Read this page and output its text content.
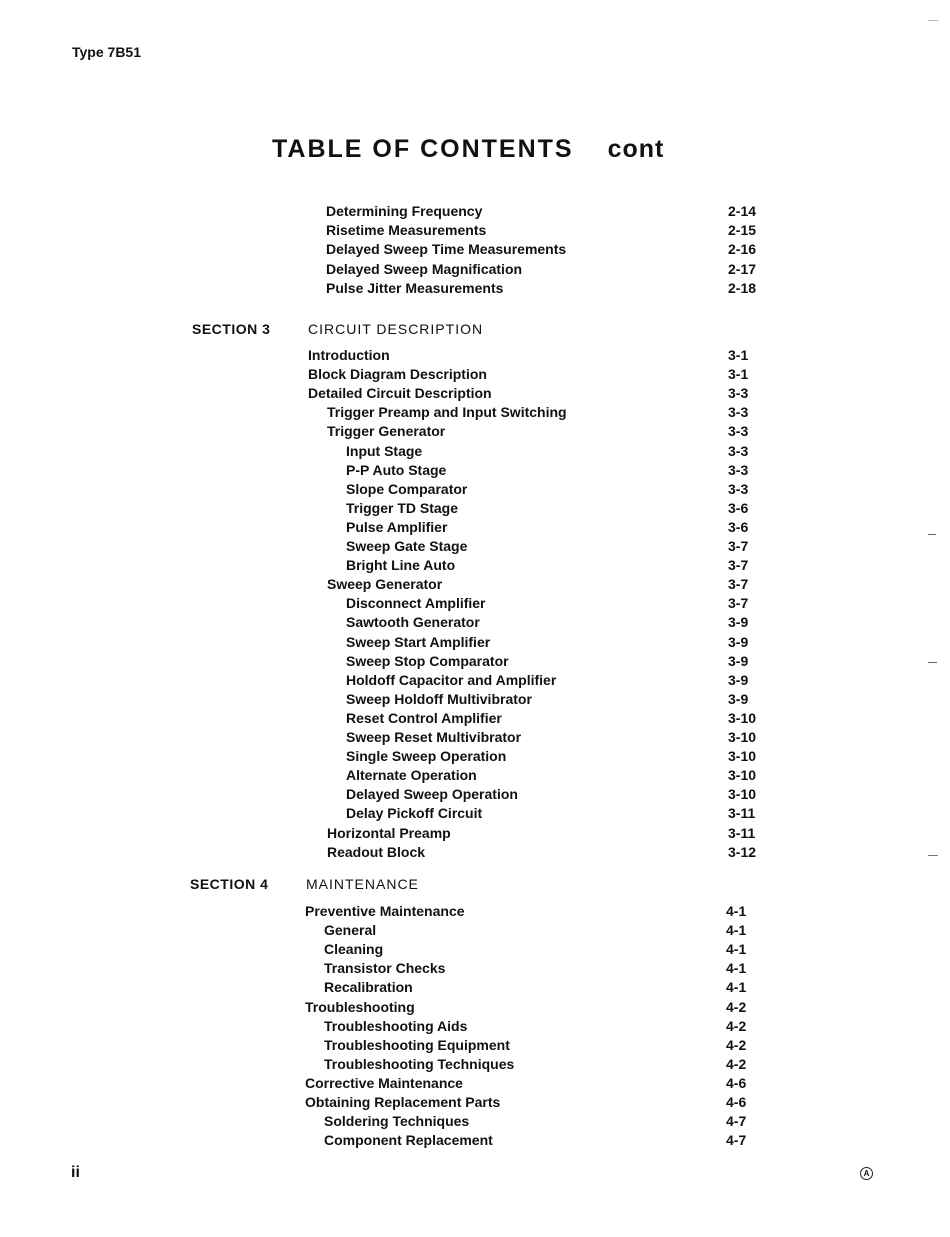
Type 7B51
TABLE OF CONTENTS cont
Determining Frequency	2-14
Risetime Measurements	2-15
Delayed Sweep Time Measurements	2-16
Delayed Sweep Magnification	2-17
Pulse Jitter Measurements	2-18
SECTION 3	CIRCUIT DESCRIPTION
Introduction	3-1
Block Diagram Description	3-1
Detailed Circuit Description	3-3
Trigger Preamp and Input Switching	3-3
Trigger Generator	3-3
Input Stage	3-3
P-P Auto Stage	3-3
Slope Comparator	3-3
Trigger TD Stage	3-6
Pulse Amplifier	3-6
Sweep Gate Stage	3-7
Bright Line Auto	3-7
Sweep Generator	3-7
Disconnect Amplifier	3-7
Sawtooth Generator	3-9
Sweep Start Amplifier	3-9
Sweep Stop Comparator	3-9
Holdoff Capacitor and Amplifier	3-9
Sweep Holdoff Multivibrator	3-9
Reset Control Amplifier	3-10
Sweep Reset Multivibrator	3-10
Single Sweep Operation	3-10
Alternate Operation	3-10
Delayed Sweep Operation	3-10
Delay Pickoff Circuit	3-11
Horizontal Preamp	3-11
Readout Block	3-12
SECTION 4	MAINTENANCE
Preventive Maintenance	4-1
General	4-1
Cleaning	4-1
Transistor Checks	4-1
Recalibration	4-1
Troubleshooting	4-2
Troubleshooting Aids	4-2
Troubleshooting Equipment	4-2
Troubleshooting Techniques	4-2
Corrective Maintenance	4-6
Obtaining Replacement Parts	4-6
Soldering Techniques	4-7
Component Replacement	4-7
ii	A
